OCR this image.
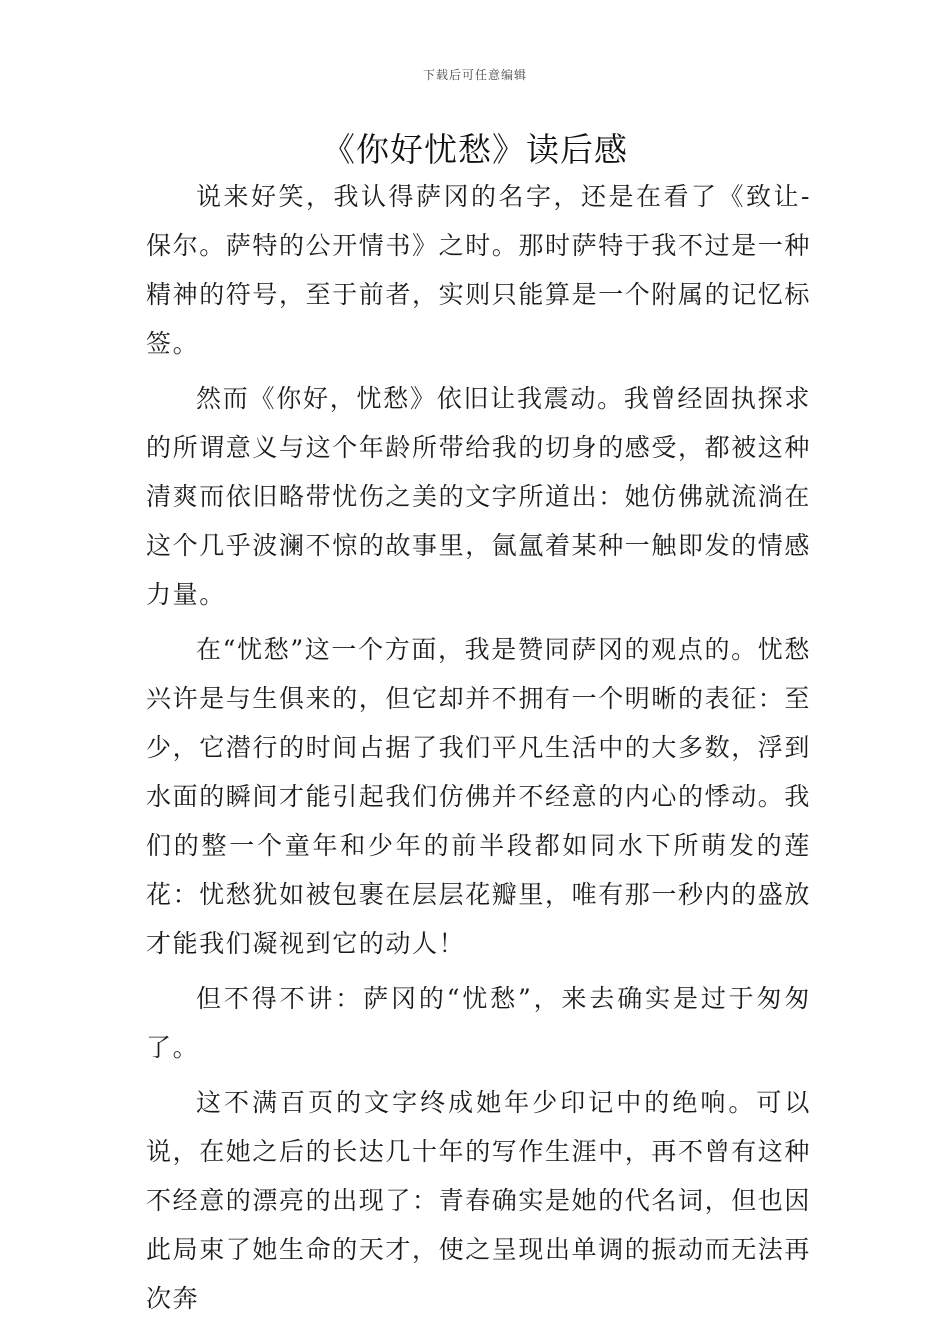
下载后可任意编辑
《你好忧愁》读后感

说来好笑，我认得萨冈的名字，还是在看了《致让-保尔。萨特的公开情书》之时。那时萨特于我不过是一种精神的符号，至于前者，实则只能算是一个附属的记忆标签。

然而《你好，忧愁》依旧让我震动。我曾经固执探求的所谓意义与这个年龄所带给我的切身的感受，都被这种清爽而依旧略带忧伤之美的文字所道出：她仿佛就流淌在这个几乎波澜不惊的故事里，氤氲着某种一触即发的情感力量。

在“忧愁”这一个方面，我是赞同萨冈的观点的。忧愁兴许是与生俱来的，但它却并不拥有一个明晰的表征：至少，它潜行的时间占据了我们平凡生活中的大多数，浮到水面的瞬间才能引起我们仿佛并不经意的内心的悸动。我们的整一个童年和少年的前半段都如同水下所萌发的莲花：忧愁犹如被包裹在层层花瓣里，唯有那一秒内的盛放才能我们凝视到它的动人！

但不得不讲：萨冈的“忧愁”，来去确实是过于匆匆了。

这不满百页的文字终成她年少印记中的绝响。可以说，在她之后的长达几十年的写作生涯中，再不曾有这种不经意的漂亮的出现了：青春确实是她的代名词，但也因此局束了她生命的天才，使之呈现出单调的振动而无法再次奔
